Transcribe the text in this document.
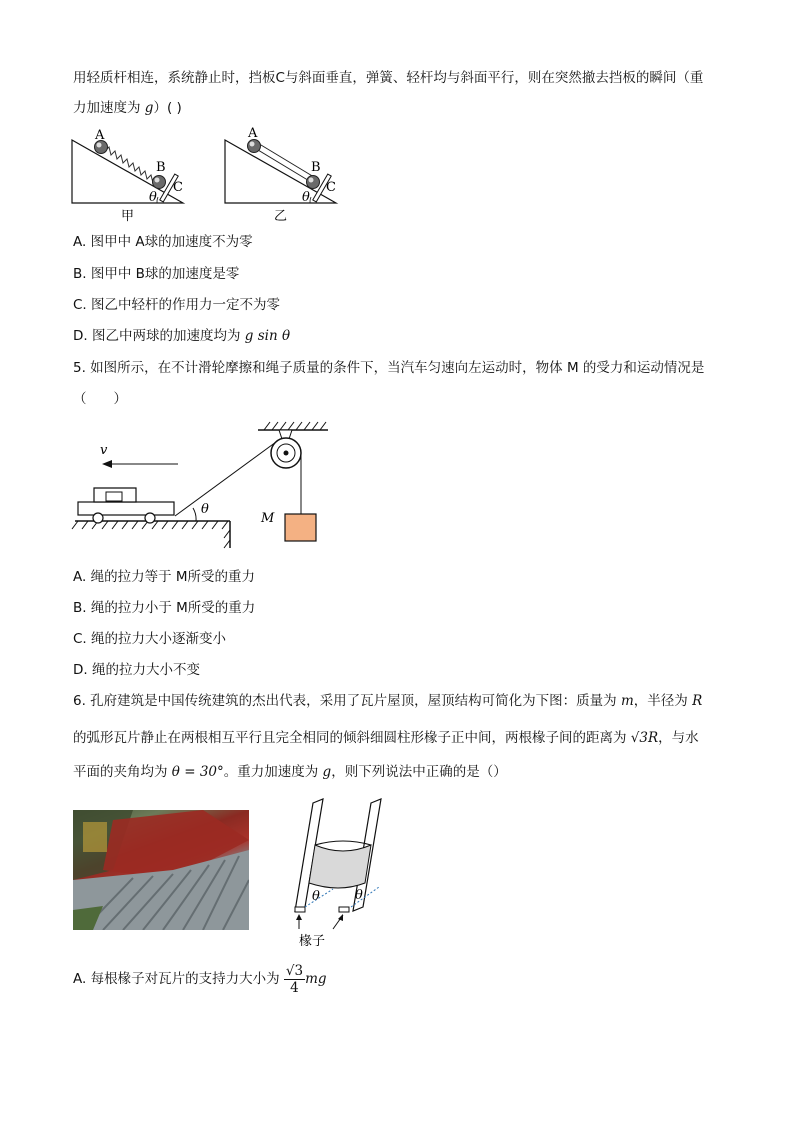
用轻质杆相连，系统静止时，挡板C与斜面垂直，弹簧、轻杆均与斜面平行，则在突然撤去挡板的瞬间（重
力加速度为 g）( )
A
B
C
θ
甲
A
B
C
θ
乙
A. 图甲中 A球的加速度不为零
B. 图甲中 B球的加速度是零
C. 图乙中轻杆的作用力一定不为零
D. 图乙中两球的加速度均为 g sin θ
5. 如图所示，在不计滑轮摩擦和绳子质量的条件下，当汽车匀速向左运动时，物体 M 的受力和运动情况是
（　　）
M
v
θ
A. 绳的拉力等于 M所受的重力
B. 绳的拉力小于 M所受的重力
C. 绳的拉力大小逐渐变小
D. 绳的拉力大小不变
6. 孔府建筑是中国传统建筑的杰出代表，采用了瓦片屋顶，屋顶结构可简化为下图：质量为 m，半径为 R
的弧形瓦片静止在两根相互平行且完全相同的倾斜细圆柱形椽子正中间，两根椽子间的距离为 √3R，与水
平面的夹角均为 θ = 30°。重力加速度为 g，则下列说法中正确的是（）
θ	θ
椽子
A. 每根椽子对瓦片的支持力大小为 $\frac{√3}{4}$ mg
